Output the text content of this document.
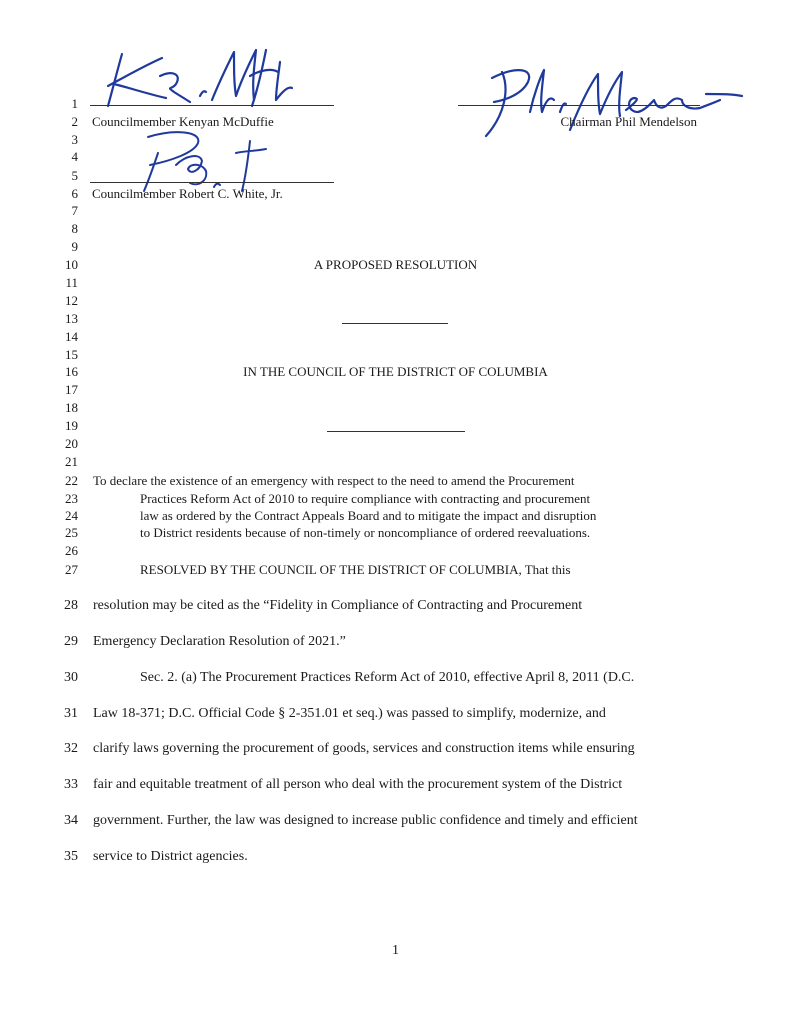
Councilmember Kenyan McDuffie	Chairman Phil Mendelson
Councilmember Robert C. White, Jr.
1
2
3
4
5
6
7
8
9
10
11
12
13
14
15
16
17
18
19
20
21
22
23
24
25
26
27
A PROPOSED RESOLUTION
IN THE COUNCIL OF THE DISTRICT OF COLUMBIA
To declare the existence of an emergency with respect to the need to amend the Procurement
Practices Reform Act of 2010 to require compliance with contracting and procurement
law as ordered by the Contract Appeals Board and to mitigate the impact and disruption
to District residents because of non-timely or noncompliance of ordered reevaluations.
RESOLVED BY THE COUNCIL OF THE DISTRICT OF COLUMBIA, That this
28
29
30
31
32
33
34
35
resolution may be cited as the “Fidelity in Compliance of Contracting and Procurement
Emergency Declaration Resolution of 2021.”
Sec. 2. (a) The Procurement Practices Reform Act of 2010, effective April 8, 2011 (D.C.
Law 18-371; D.C. Official Code § 2-351.01 et seq.) was passed to simplify, modernize, and
clarify laws governing the procurement of goods, services and construction items while ensuring
fair and equitable treatment of all person who deal with the procurement system of the District
government. Further, the law was designed to increase public confidence and timely and efficient
service to District agencies.
1
